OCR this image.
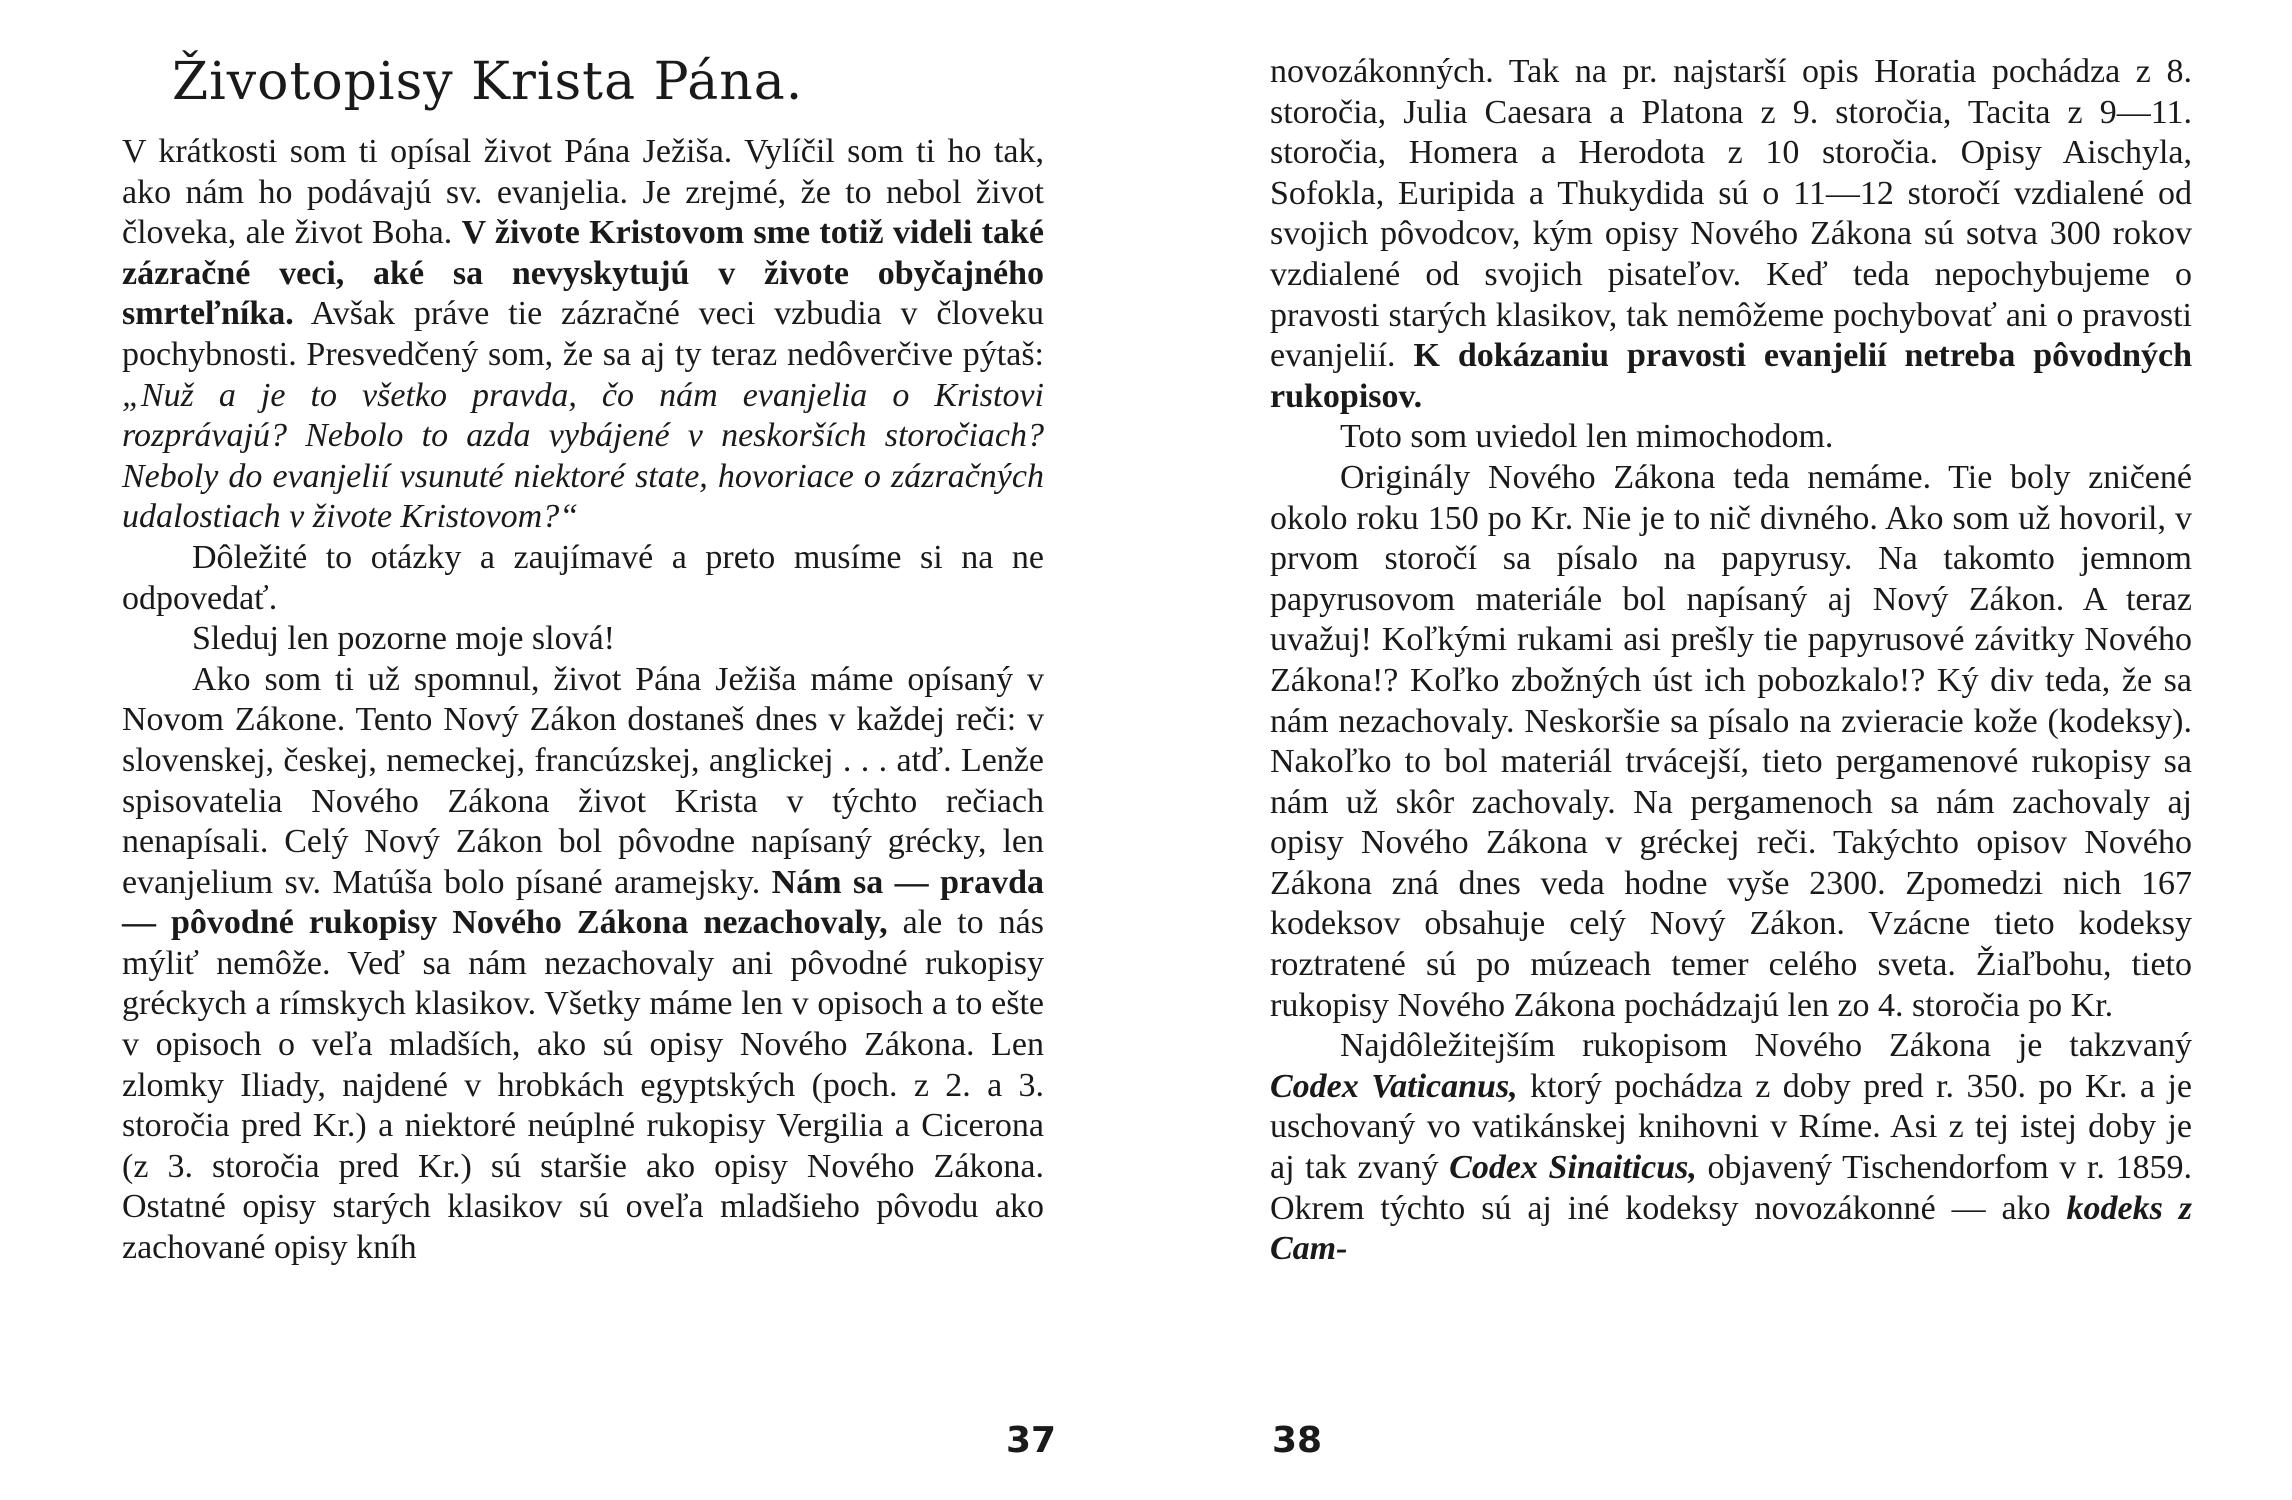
Životopisy Krista Pána.

V krátkosti som ti opísal život Pána Ježiša. Vylíčil som ti ho tak, ako nám ho podávajú sv. evanjelia. Je zrejmé, že to nebol život človeka, ale život Boha. V živote Kristovom sme totiž videli také zázračné veci, aké sa nevyskytujú v živote obyčajného smrteľníka. Avšak práve tie zázračné veci vzbudia v človeku pochybnosti. Presvedčený som, že sa aj ty teraz nedôverčive pýtaš: „Nuž a je to všetko pravda, čo nám evanjelia o Kristovi rozprávajú? Nebolo to azda vybájené v neskorších storočiach? Neboly do evanjelií vsunuté niektoré state, hovoriace o zázračných udalostiach v živote Kristovom?“

Dôležité to otázky a zaujímavé a preto musíme si na ne odpovedať.

Sleduj len pozorne moje slová!

Ako som ti už spomnul, život Pána Ježiša máme opísaný v Novom Zákone. Tento Nový Zákon dostaneš dnes v každej reči: v slovenskej, českej, nemeckej, francúzskej, anglickej . . . atď. Lenže spisovatelia Nového Zákona život Krista v týchto rečiach nenapísali. Celý Nový Zákon bol pôvodne napísaný grécky, len evanjelium sv. Matúša bolo písané aramejsky. Nám sa — pravda — pôvodné rukopisy Nového Zákona nezachovaly, ale to nás mýliť nemôže. Veď sa nám nezachovaly ani pôvodné rukopisy gréckych a rímskych klasikov. Všetky máme len v opisoch a to ešte v opisoch o veľa mladších, ako sú opisy Nového Zákona. Len zlomky Iliady, najdené v hrobkách egyptských (poch. z 2. a 3. storočia pred Kr.) a niektoré neúplné rukopisy Vergilia a Cicerona (z 3. storočia pred Kr.) sú staršie ako opisy Nového Zákona. Ostatné opisy starých klasikov sú oveľa mladšieho pôvodu ako zachované opisy kníh

37

novozákonných. Tak na pr. najstarší opis Horatia pochádza z 8. storočia, Julia Caesara a Platona z 9. storočia, Tacita z 9—11. storočia, Homera a Herodota z 10 storočia. Opisy Aischyla, Sofokla, Euripida a Thukydida sú o 11—12 storočí vzdialené od svojich pôvodcov, kým opisy Nového Zákona sú sotva 300 rokov vzdialené od svojich pisateľov. Keď teda nepochybujeme o pravosti starých klasikov, tak nemôžeme pochybovať ani o pravosti evanjelií. K dokázaniu pravosti evanjelií netreba pôvodných rukopisov.

Toto som uviedol len mimochodom.

Originály Nového Zákona teda nemáme. Tie boly zničené okolo roku 150 po Kr. Nie je to nič divného. Ako som už hovoril, v prvom storočí sa písalo na papyrusy. Na takomto jemnom papyrusovom materiále bol napísaný aj Nový Zákon. A teraz uvažuj! Koľkými rukami asi prešly tie papyrusové závitky Nového Zákona!? Koľko zbožných úst ich pobozkalo!? Ký div teda, že sa nám nezachovaly. Neskoršie sa písalo na zvieracie kože (kodeksy). Nakoľko to bol materiál trvácejší, tieto pergamenové rukopisy sa nám už skôr zachovaly. Na pergamenoch sa nám zachovaly aj opisy Nového Zákona v gréckej reči. Takýchto opisov Nového Zákona zná dnes veda hodne vyše 2300. Zpomedzi nich 167 kodeksov obsahuje celý Nový Zákon. Vzácne tieto kodeksy roztratené sú po múzeach temer celého sveta. Žiaľbohu, tieto rukopisy Nového Zákona pochádzajú len zo 4. storočia po Kr.

Najdôležitejším rukopisom Nového Zákona je takzvaný Codex Vaticanus, ktorý pochádza z doby pred r. 350. po Kr. a je uschovaný vo vatikánskej knihovni v Ríme. Asi z tej istej doby je aj tak zvaný Codex Sinaiticus, objavený Tischendorfom v r. 1859. Okrem týchto sú aj iné kodeksy novozákonné — ako kodeks z Cam-

38
